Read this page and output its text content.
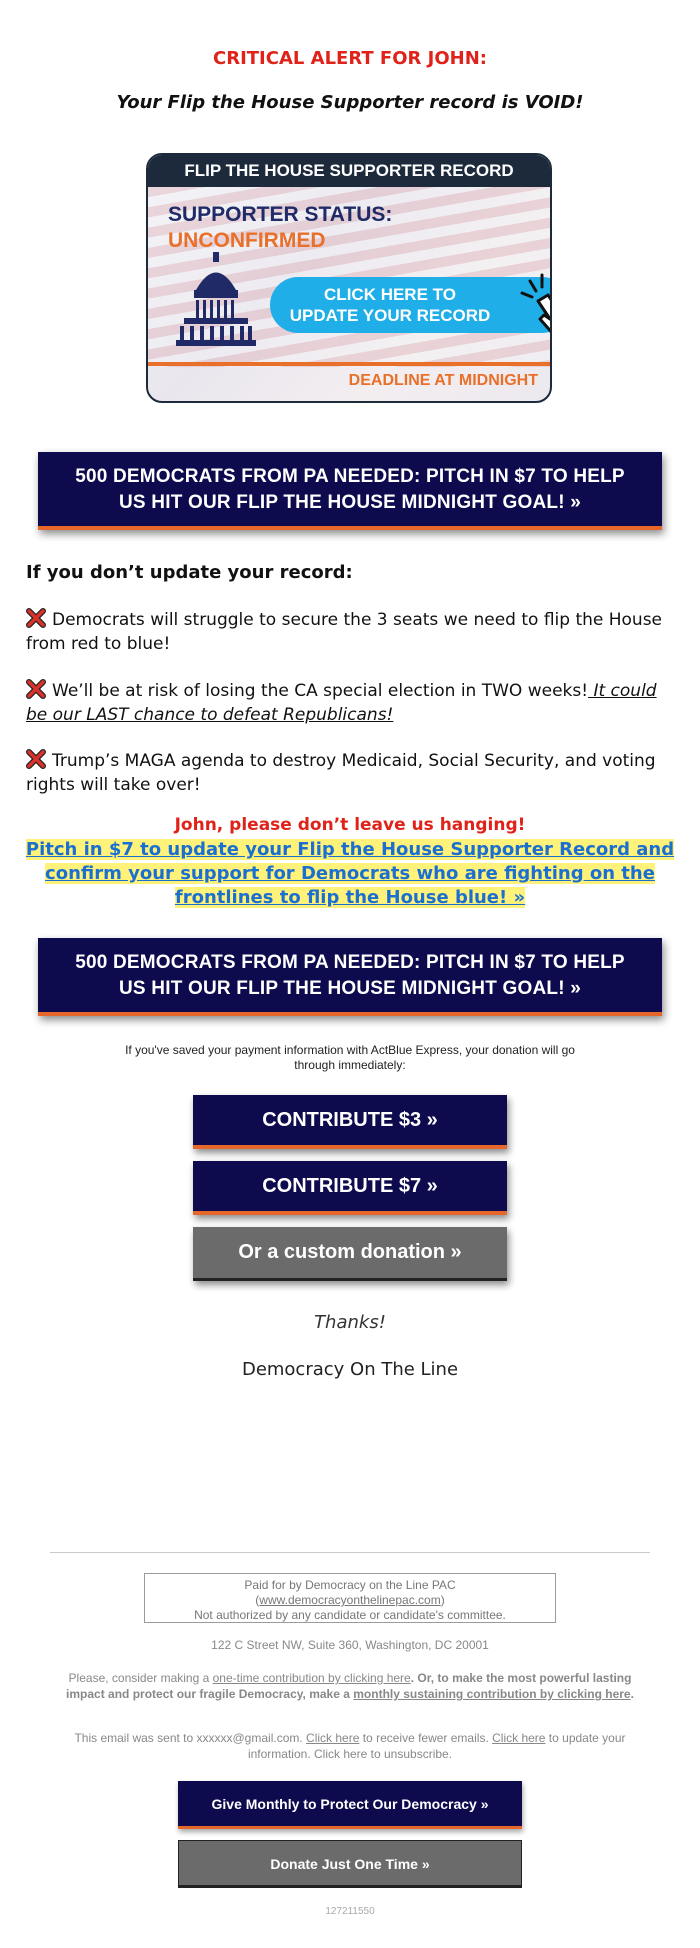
CRITICAL ALERT FOR JOHN:
Your Flip the House Supporter record is VOID!
FLIP THE HOUSE SUPPORTER RECORD
SUPPORTER STATUS:
UNCONFIRMED
CLICK HERE TO
UPDATE YOUR RECORD
DEADLINE AT MIDNIGHT
500 DEMOCRATS FROM PA NEEDED: PITCH IN $7 TO HELP
US HIT OUR FLIP THE HOUSE MIDNIGHT GOAL! »
If you don’t update your record:
Democrats will struggle to secure the 3 seats we need to flip the House from red to blue!
We’ll be at risk of losing the CA special election in TWO weeks! It could be our LAST chance to defeat Republicans!
Trump’s MAGA agenda to destroy Medicaid, Social Security, and voting rights will take over!
John, please don’t leave us hanging!
Pitch in $7 to update your Flip the House Supporter Record and confirm your support for Democrats who are fighting on the frontlines to flip the House blue! »
500 DEMOCRATS FROM PA NEEDED: PITCH IN $7 TO HELP
US HIT OUR FLIP THE HOUSE MIDNIGHT GOAL! »
If you've saved your payment information with ActBlue Express, your donation will go through immediately:
CONTRIBUTE $3 »
CONTRIBUTE $7 »
Or a custom donation »
Thanks!
Democracy On The Line
Paid for by Democracy on the Line PAC
(www.democracyonthelinepac.com)
Not authorized by any candidate or candidate's committee.
122 C Street NW, Suite 360, Washington, DC 20001
Please, consider making a one-time contribution by clicking here. Or, to make the most powerful lasting impact and protect our fragile Democracy, make a monthly sustaining contribution by clicking here.
This email was sent to xxxxxx@gmail.com. Click here to receive fewer emails. Click here to update your information. Click here to unsubscribe.
Give Monthly to Protect Our Democracy »
Donate Just One Time »
127211550
